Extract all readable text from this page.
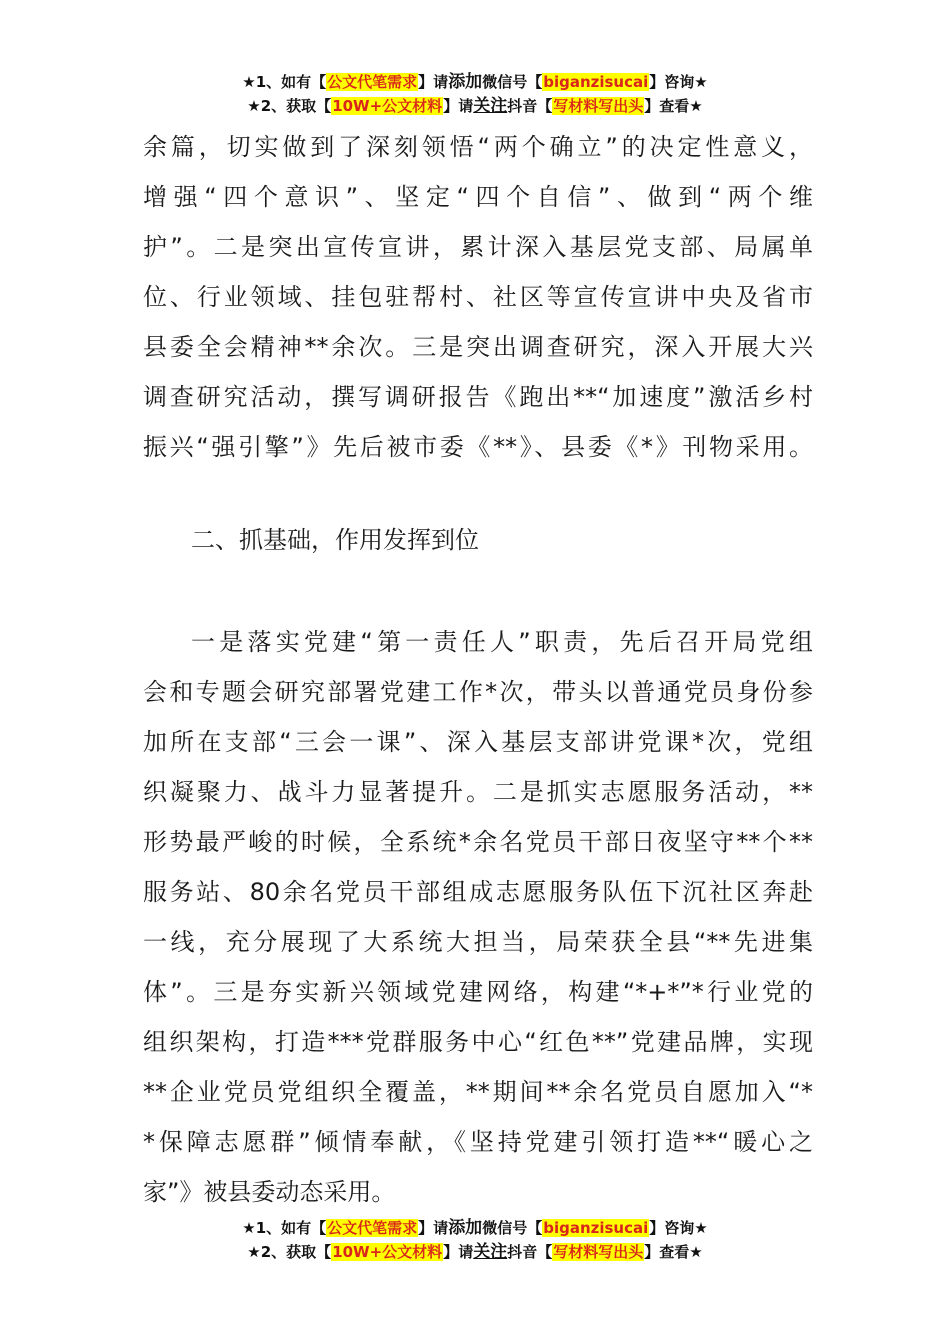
★1、如有【公文代笔需求】请添加微信号【biganzisucai】咨询★
★2、获取【10W+公文材料】请关注抖音【写材料写出头】查看★

余篇，切实做到了深刻领悟“两个确立”的决定性意义，
增强“四个意识”、坚定“四个自信”、做到“两个维
护”。二是突出宣传宣讲，累计深入基层党支部、局属单
位、行业领域、挂包驻帮村、社区等宣传宣讲中央及省市
县委全会精神**余次。三是突出调查研究，深入开展大兴
调查研究活动，撰写调研报告《跑出**“加速度”激活乡村
振兴“强引擎”》先后被市委《**》、县委《*》刊物采用。

二、抓基础，作用发挥到位

一是落实党建“第一责任人”职责，先后召开局党组
会和专题会研究部署党建工作*次，带头以普通党员身份参
加所在支部“三会一课”、深入基层支部讲党课*次，党组
织凝聚力、战斗力显著提升。二是抓实志愿服务活动，**
形势最严峻的时候，全系统*余名党员干部日夜坚守**个**
服务站、80余名党员干部组成志愿服务队伍下沉社区奔赴
一线，充分展现了大系统大担当，局荣获全县“**先进集
体”。三是夯实新兴领域党建网络，构建“*+*”*行业党的
组织架构，打造***党群服务中心“红色**”党建品牌，实现
**企业党员党组织全覆盖，**期间**余名党员自愿加入“*
*保障志愿群”倾情奉献，《坚持党建引领打造**“暖心之
家”》被县委动态采用。

★1、如有【公文代笔需求】请添加微信号【biganzisucai】咨询★
★2、获取【10W+公文材料】请关注抖音【写材料写出头】查看★
